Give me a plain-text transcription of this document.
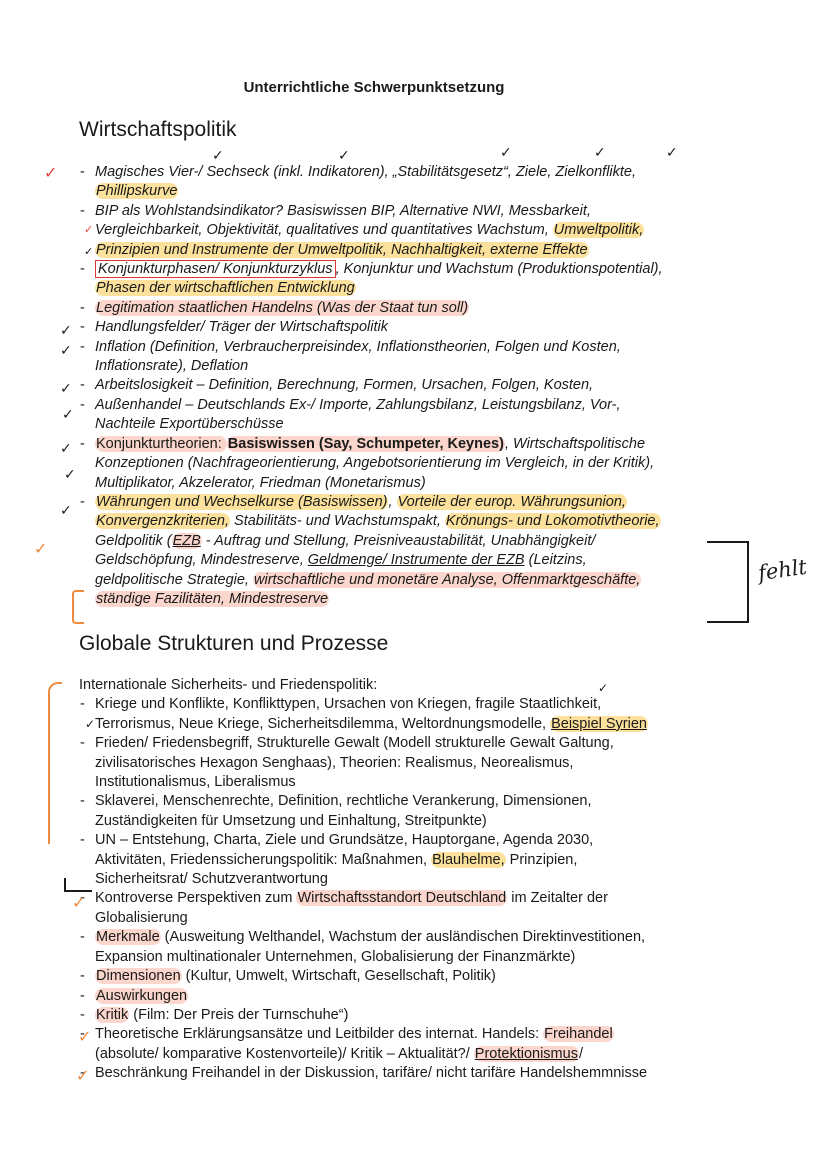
Unterrichtliche Schwerpunktsetzung
Wirtschaftspolitik
- Magisches Vier-/ Sechseck (inkl. Indikatoren), „Stabilitätsgesetz“, Ziele, Zielkonflikte,
Phillipskurve
- BIP als Wohlstandsindikator? Basiswissen BIP, Alternative NWI, Messbarkeit,
Vergleichbarkeit, Objektivität, qualitatives und quantitatives Wachstum, Umweltpolitik,
Prinzipien und Instrumente der Umweltpolitik, Nachhaltigkeit, externe Effekte
- Konjunkturphasen/ Konjunkturzyklus , Konjunktur und Wachstum (Produktionspotential),
Phasen der wirtschaftlichen Entwicklung
- Legitimation staatlichen Handelns (Was der Staat tun soll)
- Handlungsfelder/ Träger der Wirtschaftspolitik
- Inflation (Definition, Verbraucherpreisindex, Inflationstheorien, Folgen und Kosten,
Inflationsrate), Deflation
- Arbeitslosigkeit – Definition, Berechnung, Formen, Ursachen, Folgen, Kosten,
- Außenhandel – Deutschlands Ex-/ Importe, Zahlungsbilanz, Leistungsbilanz, Vor-,
Nachteile Exportüberschüsse
- Konjunkturtheorien: Basiswissen (Say, Schumpeter, Keynes), Wirtschaftspolitische
Konzeptionen (Nachfrageorientierung, Angebotsorientierung im Vergleich, in der Kritik),
Multiplikator, Akzelerator, Friedman (Monetarismus)
- Währungen und Wechselkurse (Basiswissen), Vorteile der europ. Währungsunion,
Konvergenzkriterien, Stabilitäts- und Wachstumspakt, Krönungs- und Lokomotivtheorie,
Geldpolitik (EZB - Auftrag und Stellung, Preisniveaustabilität, Unabhängigkeit/
Geldschöpfung, Mindestreserve, Geldmenge/ Instrumente der EZB (Leitzins,
geldpolitische Strategie, wirtschaftliche und monetäre Analyse, Offenmarktgeschäfte,
ständige Fazilitäten, Mindestreserve
fehlt
Globale Strukturen und Prozesse
Internationale Sicherheits- und Friedenspolitik:
- Kriege und Konflikte, Konflikttypen, Ursachen von Kriegen, fragile Staatlichkeit,
Terrorismus, Neue Kriege, Sicherheitsdilemma, Weltordnungsmodelle, Beispiel Syrien
- Frieden/ Friedensbegriff, Strukturelle Gewalt (Modell strukturelle Gewalt Galtung,
zivilisatorisches Hexagon Senghaas), Theorien: Realismus, Neorealismus,
Institutionalismus, Liberalismus
- Sklaverei, Menschenrechte, Definition, rechtliche Verankerung, Dimensionen,
Zuständigkeiten für Umsetzung und Einhaltung, Streitpunkte)
- UN – Entstehung, Charta, Ziele und Grundsätze, Hauptorgane, Agenda 2030,
Aktivitäten, Friedenssicherungspolitik: Maßnahmen, Blauhelme, Prinzipien,
Sicherheitsrat/ Schutzverantwortung
- Kontroverse Perspektiven zum Wirtschaftsstandort Deutschland im Zeitalter der
Globalisierung
- Merkmale (Ausweitung Welthandel, Wachstum der ausländischen Direktinvestitionen,
Expansion multinationaler Unternehmen, Globalisierung der Finanzmärkte)
- Dimensionen (Kultur, Umwelt, Wirtschaft, Gesellschaft, Politik)
- Auswirkungen
- Kritik (Film: Der Preis der Turnschuhe“)
- Theoretische Erklärungsansätze und Leitbilder des internat. Handels: Freihandel
(absolute/ komparative Kostenvorteile)/ Kritik – Aktualität?/ Protektionismus/
- Beschränkung Freihandel in der Diskussion, tarifäre/ nicht tarifäre Handelshemmnisse
✓
✓	✓	✓	✓	✓
✓
✓
✓
✓
✓
✓
✓
✓
✓
✓
✓
✓
✓
✓
✓
